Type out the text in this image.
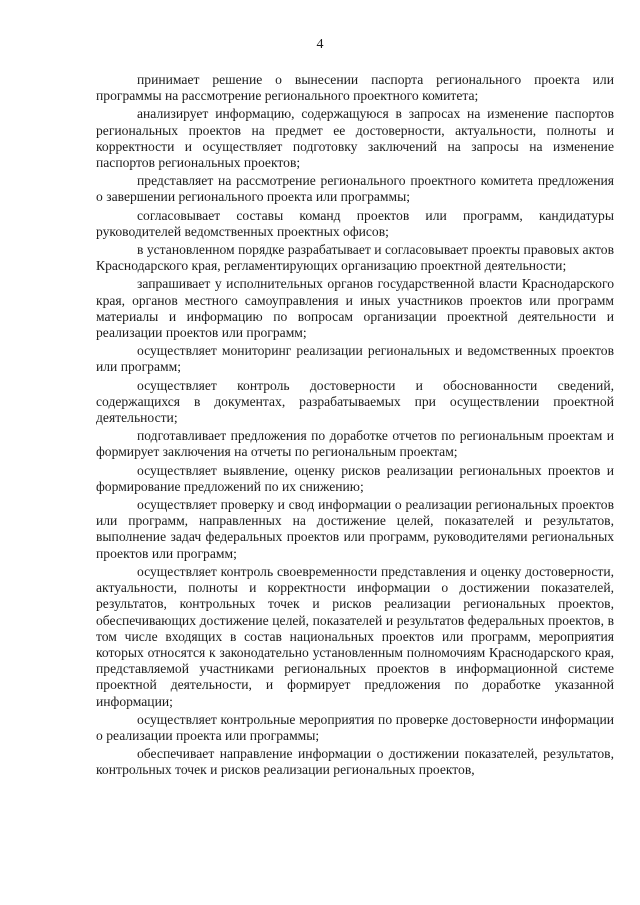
4

принимает решение о вынесении паспорта регионального проекта или программы на рассмотрение регионального проектного комитета;

анализирует информацию, содержащуюся в запросах на изменение паспортов региональных проектов на предмет ее достоверности, актуальности, полноты и корректности и осуществляет подготовку заключений на запросы на изменение паспортов региональных проектов;

представляет на рассмотрение регионального проектного комитета предложения о завершении регионального проекта или программы;

согласовывает составы команд проектов или программ, кандидатуры руководителей ведомственных проектных офисов;

в установленном порядке разрабатывает и согласовывает проекты правовых актов Краснодарского края, регламентирующих организацию проектной деятельности;

запрашивает у исполнительных органов государственной власти Краснодарского края, органов местного самоуправления и иных участников проектов или программ материалы и информацию по вопросам организации проектной деятельности и реализации проектов или программ;

осуществляет мониторинг реализации региональных и ведомственных проектов или программ;

осуществляет контроль достоверности и обоснованности сведений, содержащихся в документах, разрабатываемых при осуществлении проектной деятельности;

подготавливает предложения по доработке отчетов по региональным проектам и формирует заключения на отчеты по региональным проектам;

осуществляет выявление, оценку рисков реализации региональных проектов и формирование предложений по их снижению;

осуществляет проверку и свод информации о реализации региональных проектов или программ, направленных на достижение целей, показателей и результатов, выполнение задач федеральных проектов или программ, руководителями региональных проектов или программ;

осуществляет контроль своевременности представления и оценку достоверности, актуальности, полноты и корректности информации о достижении показателей, результатов, контрольных точек и рисков реализации региональных проектов, обеспечивающих достижение целей, показателей и результатов федеральных проектов, в том числе входящих в состав национальных проектов или программ, мероприятия которых относятся к законодательно установленным полномочиям Краснодарского края, представляемой участниками региональных проектов в информационной системе проектной деятельности, и формирует предложения по доработке указанной информации;

осуществляет контрольные мероприятия по проверке достоверности информации о реализации проекта или программы;

обеспечивает направление информации о достижении показателей, результатов, контрольных точек и рисков реализации региональных проектов,
